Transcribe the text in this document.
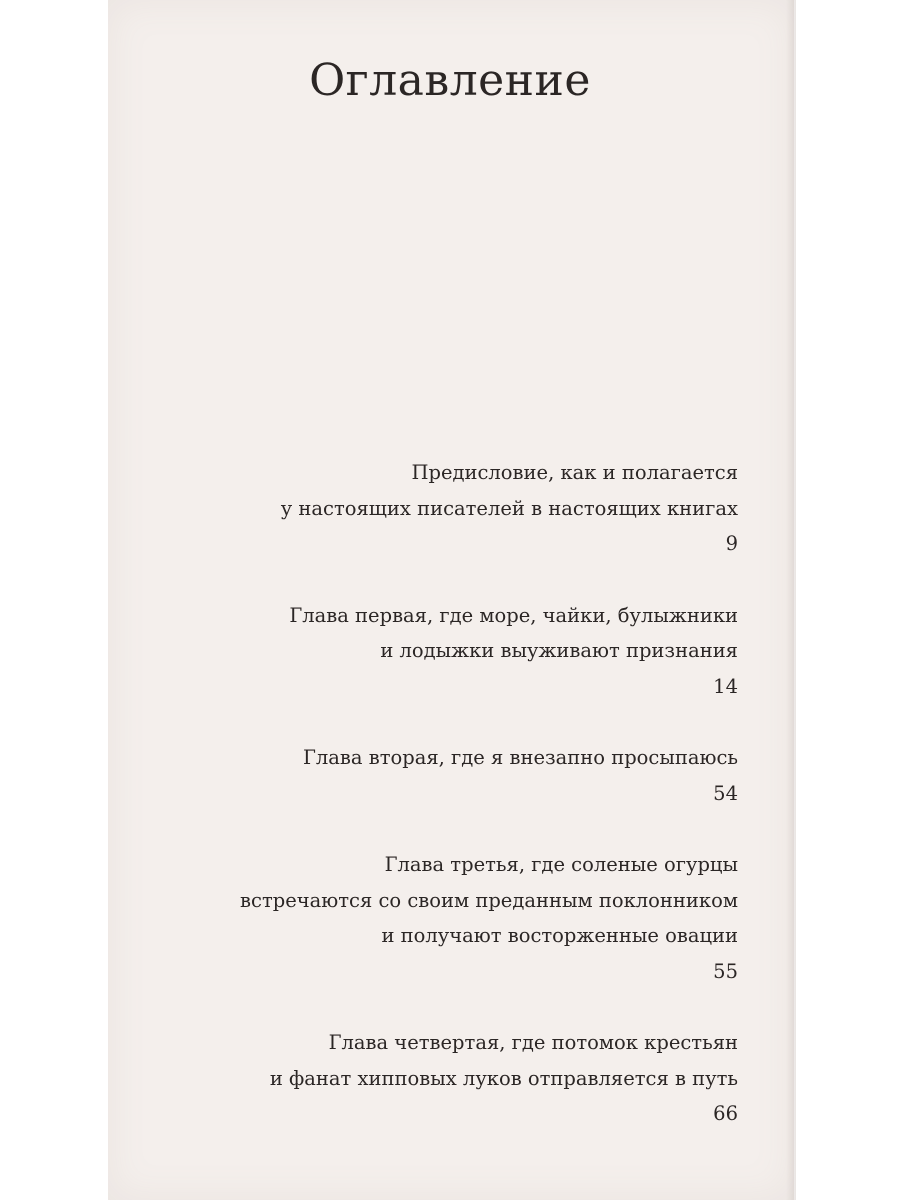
Оглавление
Предисловие, как и полагается
у настоящих писателей в настоящих книгах
9
Глава первая, где море, чайки, булыжники
и лодыжки выуживают признания
14
Глава вторая, где я внезапно просыпаюсь
54
Глава третья, где соленые огурцы
встречаются со своим преданным поклонником
и получают восторженные овации
55
Глава четвертая, где потомок крестьян
и фанат хипповых луков отправляется в путь
66
